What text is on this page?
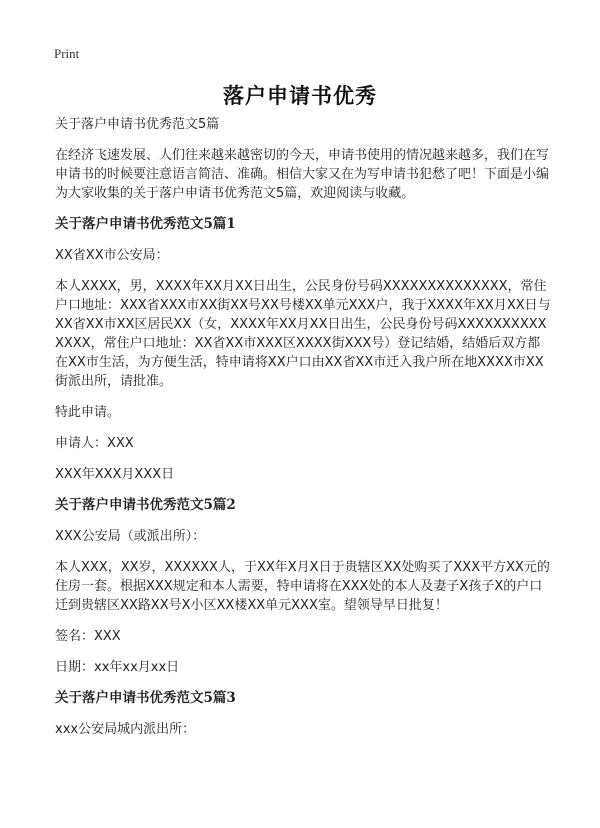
Print
落户申请书优秀

关于落户申请书优秀范文5篇

在经济飞速发展、人们往来越来越密切的今天，申请书使用的情况越来越多，我们在写申请书的时候要注意语言简洁、准确。相信大家又在为写申请书犯愁了吧！下面是小编为大家收集的关于落户申请书优秀范文5篇，欢迎阅读与收藏。

关于落户申请书优秀范文5篇1

XX省XX市公安局：

本人XXXX，男，XXXX年XX月XX日出生，公民身份号码XXXXXXXXXXXXXX，常住户口地址：XXX省XXX市XX街XX号XX号楼XX单元XXX户，我于XXXX年XX月XX日与XX省XX市XX区居民XX（女，XXXX年XX月XX日出生，公民身份号码XXXXXXXXXXXXXX，常住户口地址：XX省XX市XXX区XXXX街XXX号）登记结婚，结婚后双方都在XX市生活，为方便生活，特申请将XX户口由XX省XX市迁入我户所在地XXXX市XX街派出所，请批准。

特此申请。

申请人：XXX

XXX年XXX月XXX日

关于落户申请书优秀范文5篇2

XXX公安局（或派出所）：

本人XXX，XX岁，XXXXXX人，于XX年X月X日于贵辖区XX处购买了XXX平方XX元的 住房一套。根据XXX规定和本人需要，特申请将在XXX处的本人及妻子X孩子X的户口迁到贵辖区XX路XX号X小区XX楼XX单元XXX室。望领导早日批复！

签名：XXX

日期：xx年xx月xx日

关于落户申请书优秀范文5篇3

xxx公安局城内派出所：
